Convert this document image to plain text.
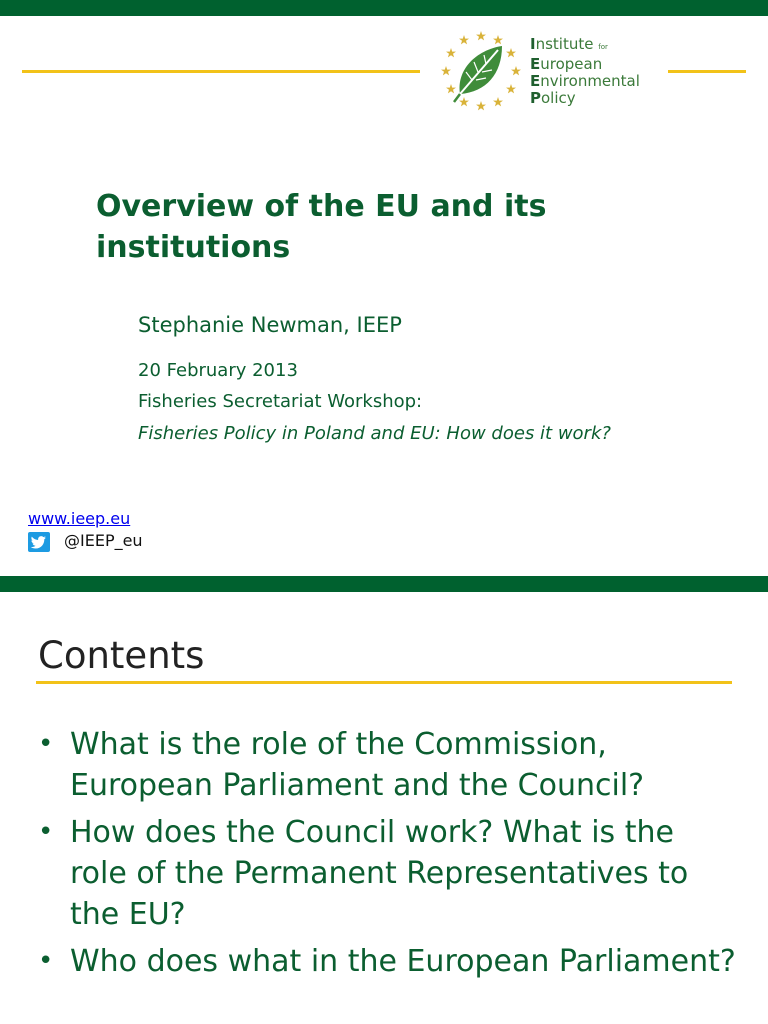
Institute for
European
Environmental
Policy
Overview of the EU and its institutions
Stephanie Newman, IEEP
20 February 2013
Fisheries Secretariat Workshop:
Fisheries Policy in Poland and EU: How does it work?
www.ieep.eu
@IEEP_eu
Contents
• What is the role of the Commission, European Parliament and the Council?
• How does the Council work? What is the role of the Permanent Representatives to the EU?
• Who does what in the European Parliament?
